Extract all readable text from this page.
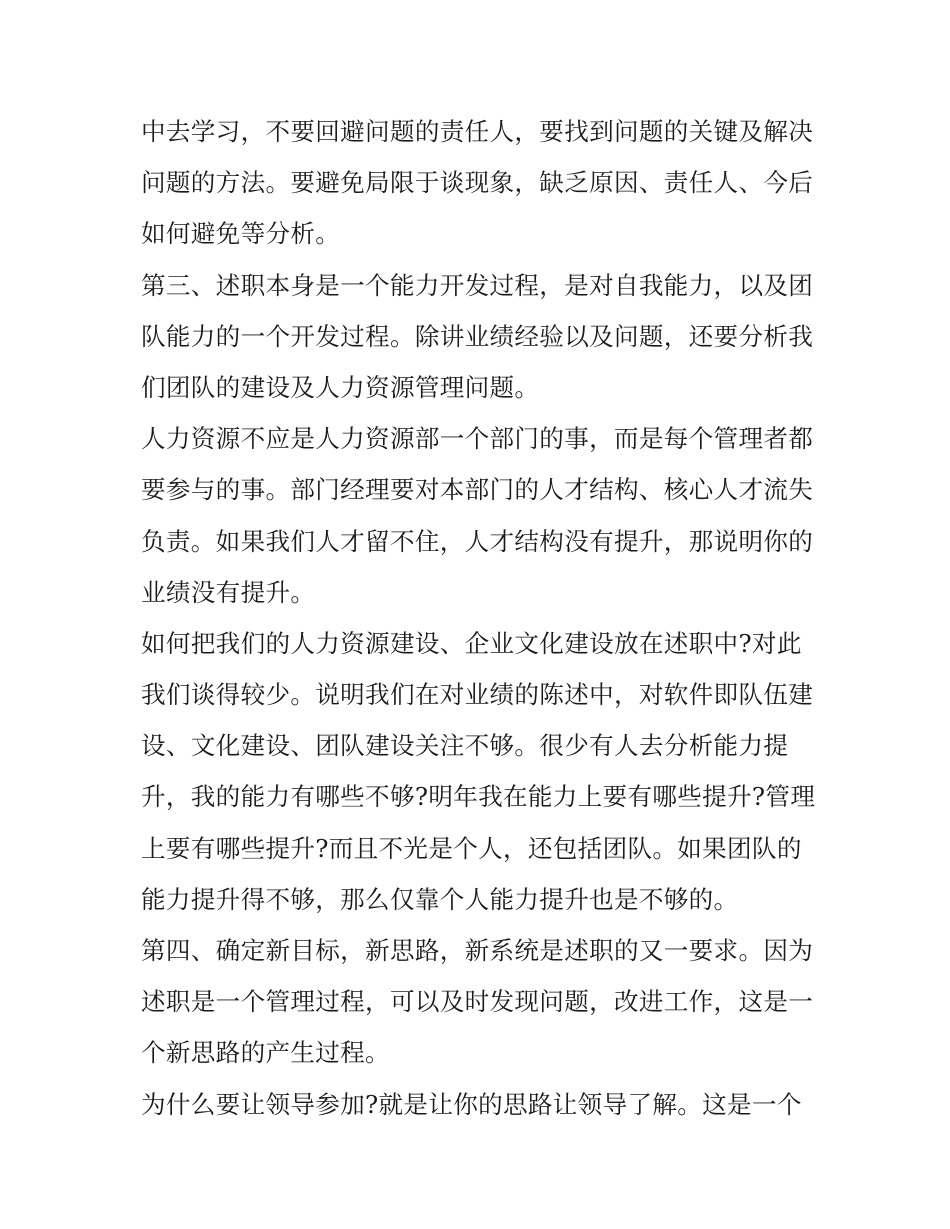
中去学习，不要回避问题的责任人，要找到问题的关键及解决
问题的方法。要避免局限于谈现象，缺乏原因、责任人、今后
如何避免等分析。
第三、述职本身是一个能力开发过程，是对自我能力，以及团
队能力的一个开发过程。除讲业绩经验以及问题，还要分析我
们团队的建设及人力资源管理问题。
人力资源不应是人力资源部一个部门的事，而是每个管理者都
要参与的事。部门经理要对本部门的人才结构、核心人才流失
负责。如果我们人才留不住，人才结构没有提升，那说明你的
业绩没有提升。
如何把我们的人力资源建设、企业文化建设放在述职中?对此
我们谈得较少。说明我们在对业绩的陈述中，对软件即队伍建
设、文化建设、团队建设关注不够。很少有人去分析能力提
升，我的能力有哪些不够?明年我在能力上要有哪些提升?管理
上要有哪些提升?而且不光是个人，还包括团队。如果团队的
能力提升得不够，那么仅靠个人能力提升也是不够的。
第四、确定新目标，新思路，新系统是述职的又一要求。因为
述职是一个管理过程，可以及时发现问题，改进工作，这是一
个新思路的产生过程。
为什么要让领导参加?就是让你的思路让领导了解。这是一个
